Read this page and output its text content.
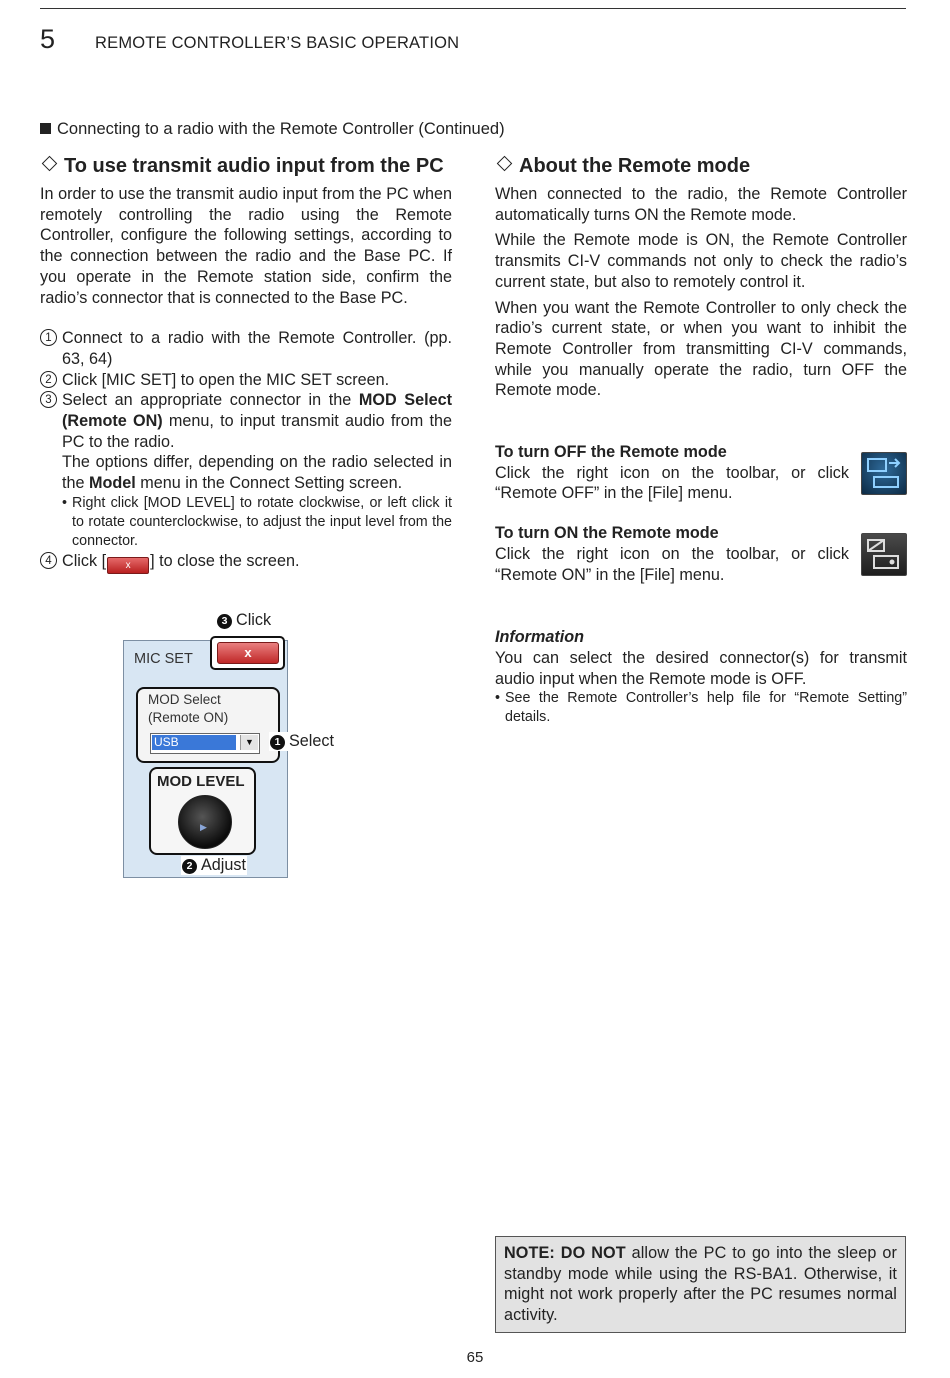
5 REMOTE CONTROLLER’S BASIC OPERATION
Connecting to a radio with the Remote Controller (Continued)
To use transmit audio input from the PC

In order to use the transmit audio input from the PC when remotely controlling the radio using the Remote Controller, configure the following settings, according to the connection between the radio and the Base PC. If you operate in the Remote station side, confirm the radio’s connector that is connected to the Base PC.

1 Connect to a radio with the Remote Controller. (pp. 63, 64)
2 Click [MIC SET] to open the MIC SET screen.
3 Select an appropriate connector in the MOD Select (Remote ON) menu, to input transmit audio from the PC to the radio.
The options differ, depending on the radio selected in the Model menu in the Connect Setting screen.
• Right click [MOD LEVEL] to rotate clockwise, or left click it to rotate counterclockwise, to adjust the input level from the connector.
4 Click [ x ] to close the screen.
MIC SET
MOD Select (Remote ON)
USB	▼
MOD LEVEL
▶
x
3 Click
1 Select
2 Adjust
About the Remote mode

When connected to the radio, the Remote Controller automatically turns ON the Remote mode.

While the Remote mode is ON, the Remote Controller transmits CI-V commands not only to check the radio’s current state, but also to remotely control it.

When you want the Remote Controller to only check the radio’s current state, or when you want to inhibit the Remote Controller from transmitting CI-V commands, while you manually operate the radio, turn OFF the Remote mode.

To turn OFF the Remote mode

Click the right icon on the toolbar, or click “Remote OFF” in the [File] menu.

To turn ON the Remote mode

Click the right icon on the toolbar, or click “Remote ON” in the [File] menu.

Information

You can select the desired connector(s) for transmit audio input when the Remote mode is OFF.

• See the Remote Controller’s help file for “Remote Setting” details.

NOTE: DO NOT allow the PC to go into the sleep or standby mode while using the RS-BA1. Otherwise, it might not work properly after the PC resumes normal activity.

65
